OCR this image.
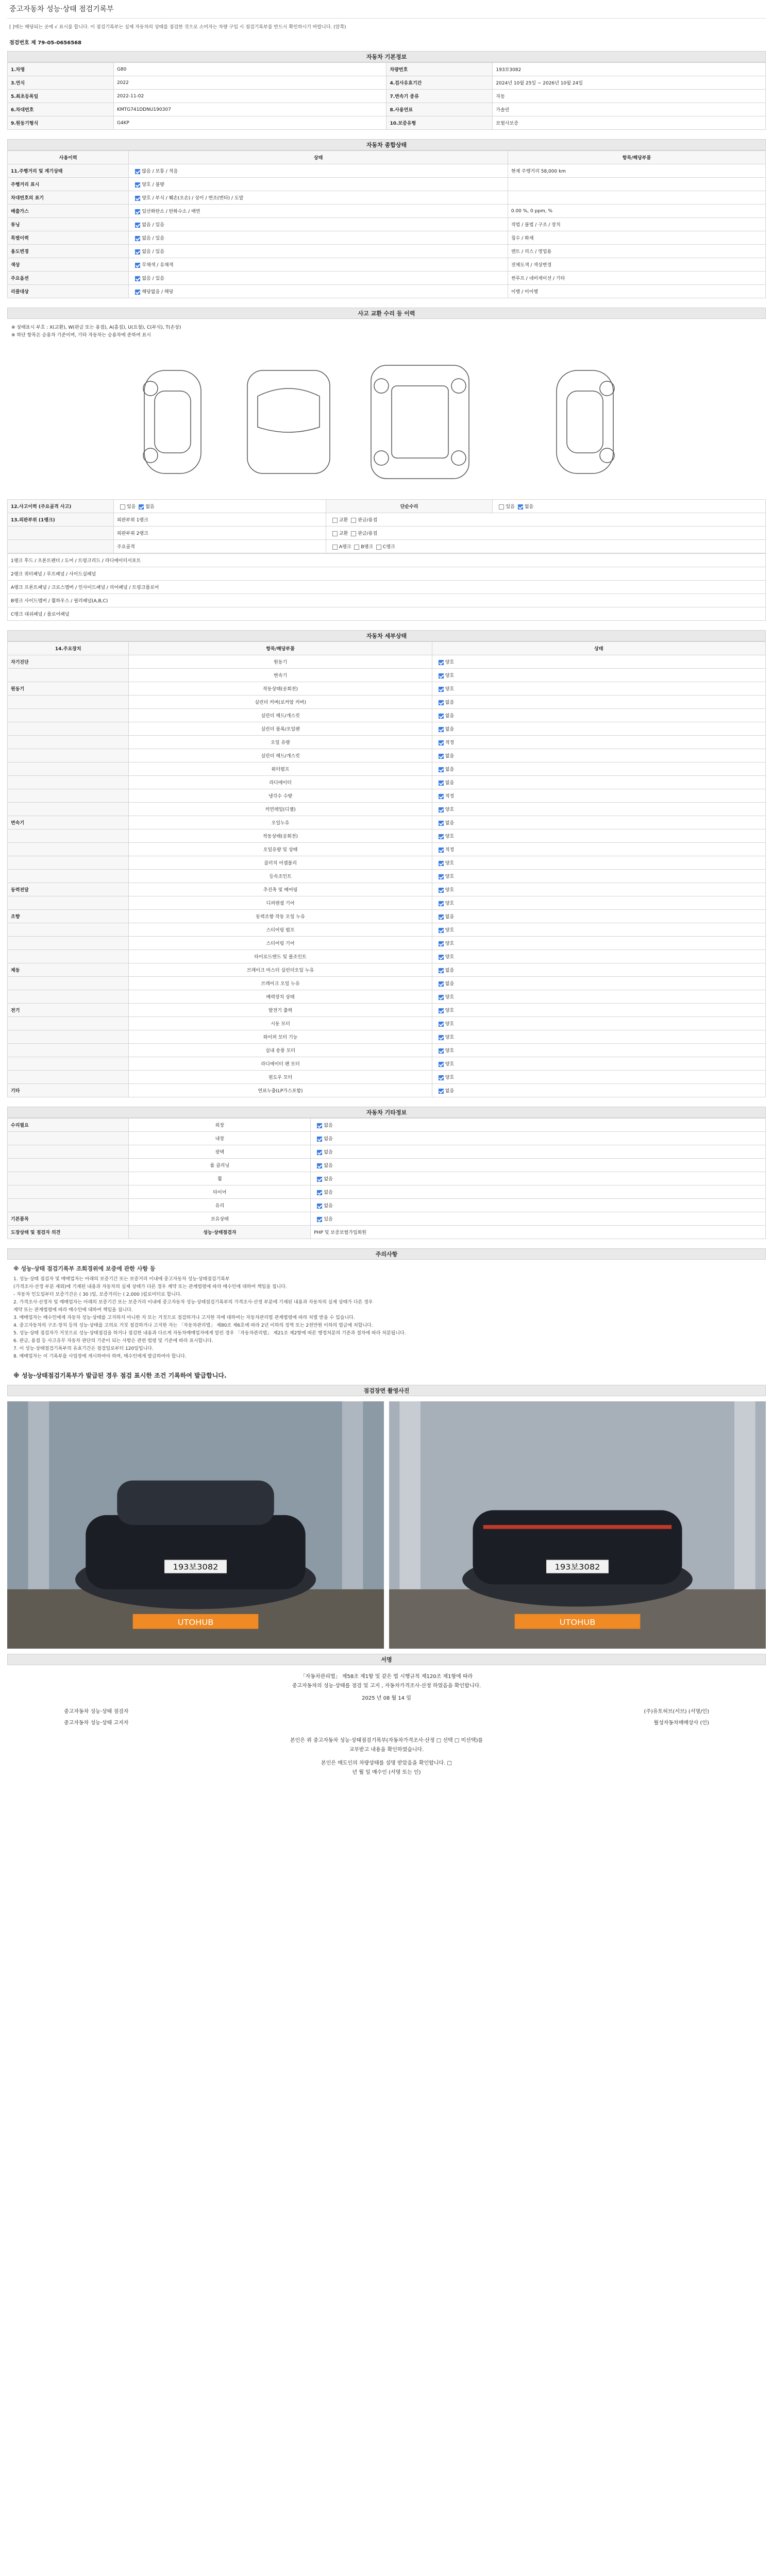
중고자동차 성능·상태 점검기록부
[ ]에는 해당되는 곳에 √ 표시를 합니다. 이 점검기록부는 실제 자동차의 상태를 점검한 것으로 소비자는 차량 구입 시 점검기록부를 반드시 확인하시기 바랍니다. (앞쪽)
점검번호 제 79-05-0656568
자동차 기본정보
1.차명	G80	차량번호	193보3082
3.연식	2022	4.검사유효기간	2024년 10월 25일 ~ 2026년 10월 24일
5.최초등록일	2022-11-02	7.변속기 종류	자동
6.차대번호	KMTG741DDNU190307	8.사용연료	가솔린
9.원동기형식	G4KP	10.보증유형	보험사보증
자동차 종합상태
사용이력	상태	항목/해당부품
11.주행거리 및 계기상태	많음 / 보통 / 적음	현재 주행거리 58,000 km
주행거리 표시	양호 / 불량	
차대번호의 표기	양호 / 부식 / 훼손(오손) / 상이 / 변조(변타) / 도말	
배출가스	일산화탄소 / 탄화수소 / 매연	0.00 %, 0 ppm, %
튜닝	없음 / 있음	적법 / 불법 / 구조 / 장치
특별이력	없음 / 있음	침수 / 화재
용도변경	없음 / 있음	렌트 / 리스 / 영업용
색상	무채색 / 유채색	전체도색 / 색상변경
주요옵션	없음 / 있음	썬루프 / 네비게이션 / 기타
리콜대상	해당없음 / 해당	이행 / 미이행
사고 교환 수리 등 이력
※ 상태표시 부호 : X(교환), W(판금 또는 용접), A(흠집), U(요철), C(부식), T(손상)
※ 하단 항목은 승용차 기준이며, 기타 자동차는 승용차에 준하여 표시
12.사고이력 (주요골격 사고)	있음 없음	단순수리	있음 없음
13.외판부위 (1랭크)	외판부위 1랭크	교환 판금/용접	
	외판부위 2랭크	교환 판금/용접	
	주요골격	A랭크 B랭크 C랭크	
1랭크 후드 / 프론트펜더 / 도어 / 트렁크리드 / 라디에이터서포트
2랭크 쿼터패널 / 루프패널 / 사이드실패널
A랭크 프론트패널 / 크로스멤버 / 인사이드패널 / 리어패널 / 트렁크플로어
B랭크 사이드멤버 / 휠하우스 / 필러패널(A,B,C)
C랭크 대쉬패널 / 플로어패널
자동차 세부상태
14.주요장치	항목/해당부품	상태
자기진단	원동기	양호
	변속기	양호
원동기	작동상태(공회전)	양호
	실린더 커버(로커암 커버)	없음
	실린더 헤드/개스킷	없음
	실린더 블록/오일팬	없음
	오일 유량	적정
	실린더 헤드/개스킷	없음
	워터펌프	없음
	라디에이터	없음
	냉각수 수량	적정
	커먼레일(디젤)	양호
변속기	오일누유	없음
	작동상태(공회전)	양호
	오일유량 및 상태	적정
	클러치 어셈블리	양호
	등속조인트	양호
동력전달	추진축 및 베어링	양호
	디퍼렌셜 기어	양호
조향	동력조향 작동 오일 누유	없음
	스티어링 펌프	양호
	스티어링 기어	양호
	타이로드엔드 및 볼조인트	양호
제동	브레이크 마스터 실린더오일 누유	없음
	브레이크 오일 누유	없음
	배력장치 상태	양호
전기	발전기 출력	양호
	시동 모터	양호
	와이퍼 모터 기능	양호
	실내 송풍 모터	양호
	라디에이터 팬 모터	양호
	윈도우 모터	양호
기타	연료누출(LP가스포함)	없음
자동차 기타정보
수리필요	외장	없음
	내장	없음
	광택	없음
	룸 클리닝	없음
	휠	없음
	타이어	없음
	유리	없음
기본품목	보유상태	있음
도장상태 및 점검자 의견	성능·상태점검자	PHP 및 보증보험가입회원
주의사항
※ 성능·상태 점검기록부 조회경위에 보증에 관한 사항 등
1. 성능·상태 점검자 및 매매업자는 아래의 보증기간 또는 보증거리 이내에 중고자동차 성능·상태점검기록부
(가격조사·산정 부분 제외)에 기재된 내용과 자동차의 실제 상태가 다른 경우 계약 또는 관계법령에 따라 매수인에 대하여 책임을 집니다.
- 자동차 인도일부터 보증기간은 ( 30 )일, 보증거리는 ( 2,000 )킬로미터로 합니다.
2. 가격조사·산정자 및 매매업자는 아래의 보증기간 또는 보증거리 이내에 중고자동차 성능·상태점검기록부의 가격조사·산정 부분에 기재된 내용과 자동차의 실제 상태가 다른 경우
계약 또는 관계법령에 따라 매수인에 대하여 책임을 집니다.
3. 매매업자는 매수인에게 자동차 성능·상태를 고지하지 아니한 자 또는 거짓으로 점검하거나 고지한 자에 대하여는 자동차관리법 관계법령에 따라 처벌 받을 수 있습니다.
4. 중고자동차의 구조·장치 등의 성능·상태를 고의로 거짓 점검하거나 고지한 자는 「자동차관리법」 제80조 제6호에 따라 2년 이하의 징역 또는 2천만원 이하의 벌금에 처합니다.
5. 성능·상태 점검자가 거짓으로 성능·상태점검을 하거나 점검한 내용과 다르게 자동차매매업자에게 알린 경우 「자동차관리법」 제21조 제2항에 따른 행정처분의 기준과 절차에 따라 처분됩니다.
6. 판금, 용접 등 사고유무 자동차 판단의 기준이 되는 사항은 관련 법령 및 기준에 따라 표시합니다.
7. 이 성능·상태점검기록부의 유효기간은 점검일로부터 120일입니다.
8. 매매업자는 이 기록부를 사업장에 게시하여야 하며, 매수인에게 발급하여야 합니다.
※ 성능·상태점검기록부가 발급된 경우 점검 표시한 조건 기록하여 발급합니다.
점검장면 촬영사진
193보3082
UTOHUB
193보3082
UTOHUB
서명
「자동차관리법」 제58조 제1항 및 같은 법 시행규칙 제120조 제1항에 따라
중고자동차의 성능·상태를 점검 및 고지 , 자동차가격조사·산정 하였음을 확인합니다.
2025 년 08 월 14 일
중고자동차 성능·상태 점검자	(주)유토허브(서브) (서명/인)
중고자동차 성능·상태 고지자	월성자동차매매상사 (인)
본인은 위 중고자동차 성능·상태점검기록부(자동차가격조사·산정 □ 선택 □ 미선택)를
교부받고 내용을 확인하였습니다.
본인은 매도인의 차량상태를 설명 받았음을 확인합니다. □
년 월 일 매수인 (서명 또는 인)
